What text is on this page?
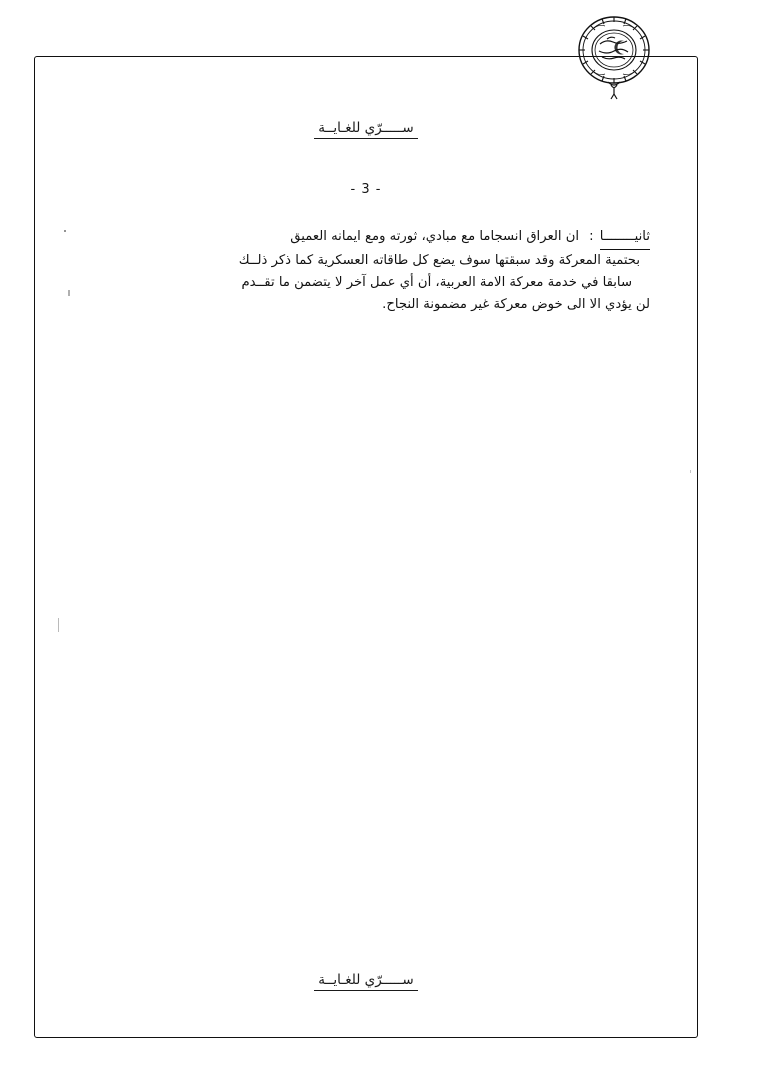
ســـــرّي للغـايــة
- 3 -
ثانيــــــــا
:
ان العراق انسجاما مع مبادي، ثورته ومع ايمانه العميق
بحتمية المعركة وقد سبقتها سوف يضع كل طاقاته العسكرية كما ذكر ذلــك
سابقا في خدمة معركة الامة العربية، أن أي عمل آخر لا يتضمن ما تقــدم
لن يؤدي الا الى خوض معركة غير مضمونة النجاح.
ســـــرّي للغـايــة
